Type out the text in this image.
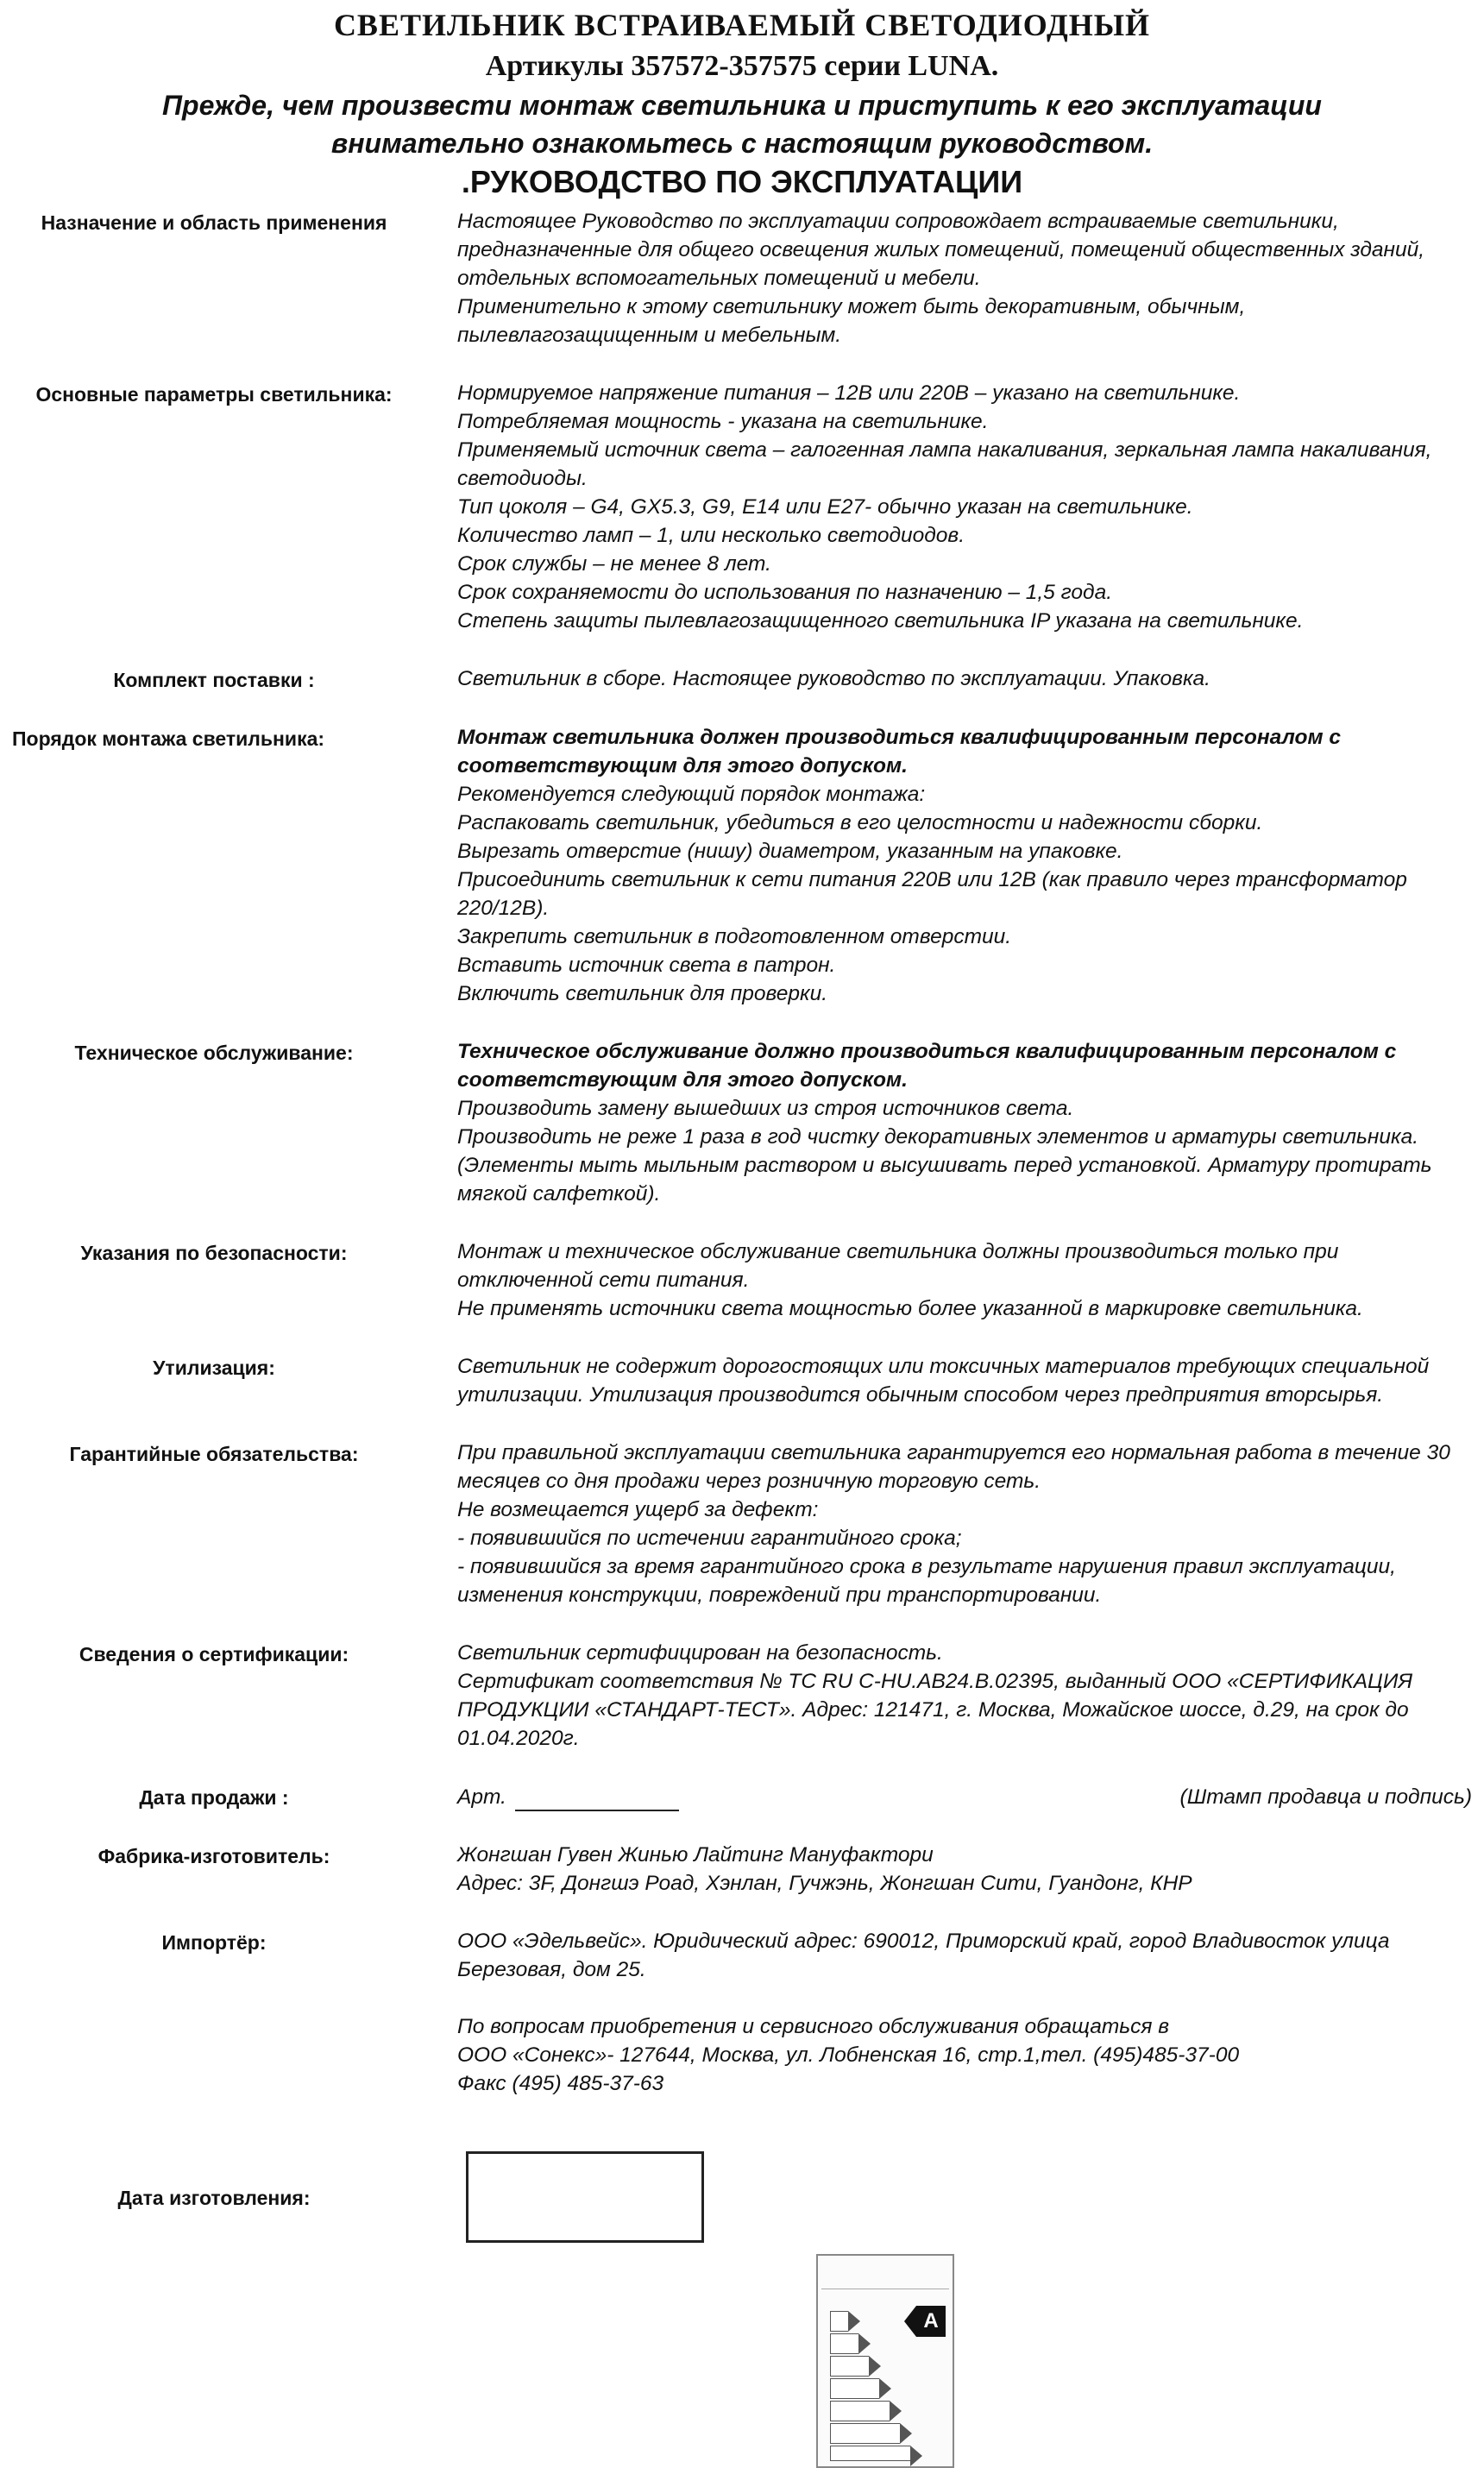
СВЕТИЛЬНИК ВСТРАИВАЕМЫЙ СВЕТОДИОДНЫЙ
Артикулы 357572-357575 серии LUNA.
Прежде, чем произвести монтаж светильника и приступить к его эксплуатации
внимательно ознакомьтесь с настоящим руководством.
.РУКОВОДСТВО ПО ЭКСПЛУАТАЦИИ
Назначение и область применения	Настоящее Руководство по эксплуатации сопровождает встраиваемые светильники, предназначенные для общего освещения жилых помещений, помещений общественных зданий, отдельных вспомогательных помещений и мебели.

Применительно к этому светильнику может быть декоративным, обычным, пылевлагозащищенным и мебельным.

Основные параметры светильника:	Нормируемое напряжение питания – 12В или 220В – указано на светильнике.

Потребляемая мощность - указана на светильнике.

Применяемый источник света – галогенная лампа накаливания, зеркальная лампа накаливания, светодиоды.

Тип цоколя – G4, GX5.3, G9, E14 или E27- обычно указан на светильнике.

Количество ламп – 1, или несколько светодиодов.

Срок службы – не менее 8 лет.

Срок сохраняемости до использования по назначению – 1,5 года.

Степень защиты пылевлагозащищенного светильника IP указана на светильнике.

Комплект поставки :	Светильник в сборе. Настоящее руководство по эксплуатации. Упаковка.

Порядок монтажа светильника:	Монтаж светильника должен производиться квалифицированным персоналом с соответствующим для этого допуском.

Рекомендуется следующий порядок монтажа:

Распаковать светильник, убедиться в его целостности и надежности сборки.

Вырезать отверстие (нишу) диаметром, указанным на упаковке.

Присоединить светильник к сети питания 220В или 12В (как правило через трансформатор 220/12В).

Закрепить светильник в подготовленном отверстии.

Вставить источник света в патрон.

Включить светильник для проверки.

Техническое обслуживание:	Техническое обслуживание должно производиться квалифицированным персоналом с соответствующим для этого допуском.

Производить замену вышедших из строя источников света.

Производить не реже 1 раза в год чистку декоративных элементов и арматуры светильника. (Элементы мыть мыльным раствором и высушивать перед установкой. Арматуру протирать мягкой салфеткой).

Указания по безопасности:	Монтаж и техническое обслуживание светильника должны производиться только при отключенной сети питания.

Не применять источники света мощностью более указанной в маркировке светильника.

Утилизация:	Светильник не содержит дорогостоящих или токсичных материалов требующих специальной утилизации. Утилизация производится обычным способом через предприятия вторсырья.

Гарантийные обязательства:	При правильной эксплуатации светильника гарантируется его нормальная работа в течение 30 месяцев со дня продажи через розничную торговую сеть.

Не возмещается ущерб за дефект:

- появившийся по истечении гарантийного срока;

- появившийся за время гарантийного срока в результате нарушения правил эксплуатации, изменения конструкции, повреждений при транспортировании.

Сведения о сертификации:	Светильник сертифицирован на безопасность.

Сертификат соответствия № ТС RU C-HU.AB24.B.02395, выданный ООО «СЕРТИФИКАЦИЯ ПРОДУКЦИИ «СТАНДАРТ-ТЕСТ». Адрес: 121471, г. Москва, Можайское шоссе, д.29, на срок до 01.04.2020г.

Дата продажи :	Арт.	(Штамп продавца и подпись)
Фабрика-изготовитель:	Жонгшан Гувен Жинью Лайтинг Мануфактори

Адрес: 3F, Донгшэ Роад, Хэнлан, Гучжэнь, Жонгшан Сити, Гуандонг, КНР

Импортёр:	ООО «Эдельвейс». Юридический адрес: 690012, Приморский край, город Владивосток улица Березовая, дом 25.

По вопросам приобретения и сервисного обслуживания обращаться в

ООО «Сонекс»- 127644, Москва, ул. Лобненская 16, стр.1,тел. (495)485-37-00

Факс (495) 485-37-63

Дата изготовления:
A
